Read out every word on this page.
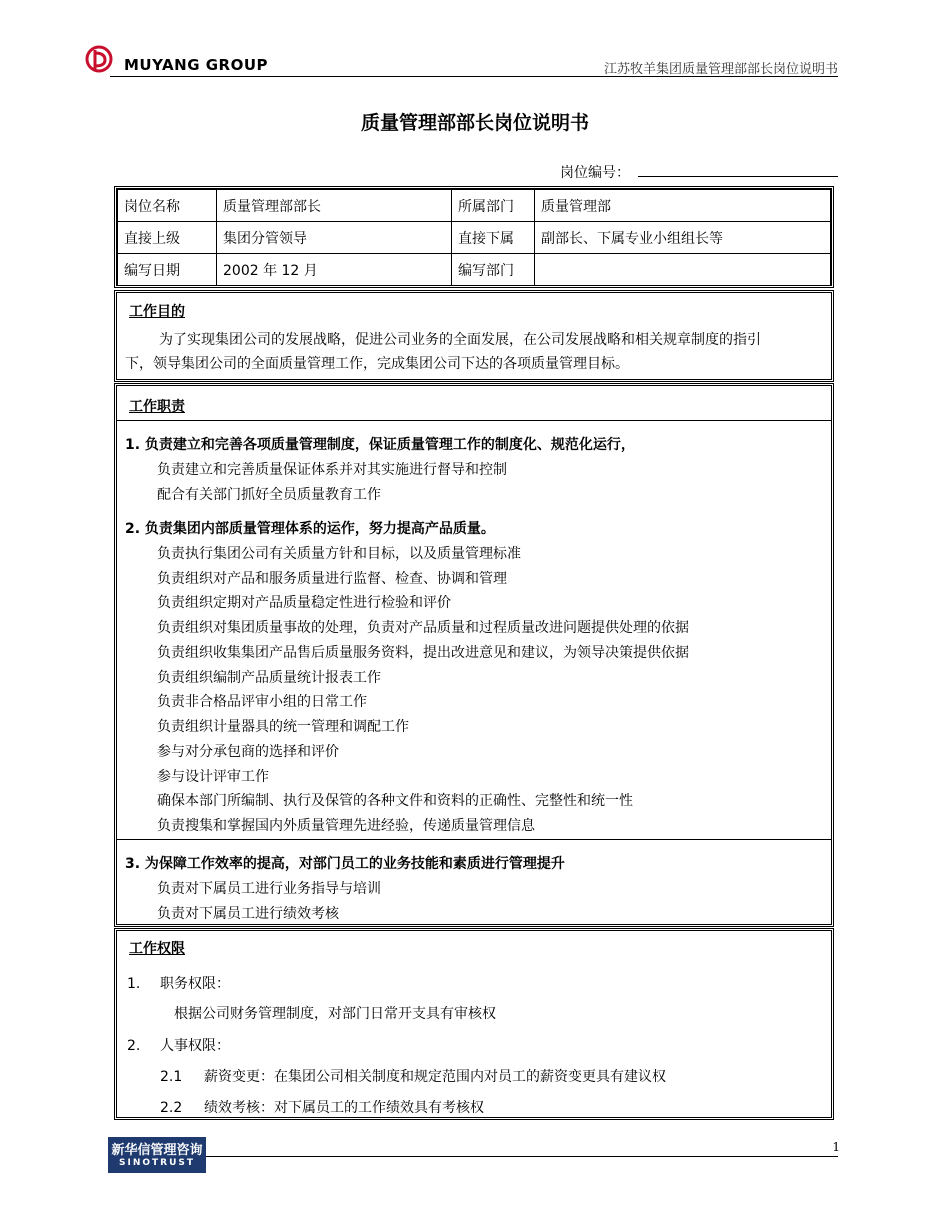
MUYANG GROUP	江苏牧羊集团质量管理部部长岗位说明书
质量管理部部长岗位说明书
岗位编号：
岗位名称	质量管理部部长	所属部门	质量管理部
直接上级	集团分管领导	直接下属	副部长、下属专业小组组长等
编写日期	2002 年 12 月	编写部门	
工作目的
为了实现集团公司的发展战略，促进公司业务的全面发展，在公司发展战略和相关规章制度的指引
下，领导集团公司的全面质量管理工作，完成集团公司下达的各项质量管理目标。
工作职责
1. 负责建立和完善各项质量管理制度，保证质量管理工作的制度化、规范化运行，
负责建立和完善质量保证体系并对其实施进行督导和控制
配合有关部门抓好全员质量教育工作
2. 负责集团内部质量管理体系的运作，努力提高产品质量。
负责执行集团公司有关质量方针和目标，以及质量管理标准
负责组织对产品和服务质量进行监督、检查、协调和管理
负责组织定期对产品质量稳定性进行检验和评价
负责组织对集团质量事故的处理，负责对产品质量和过程质量改进问题提供处理的依据
负责组织收集集团产品售后质量服务资料，提出改进意见和建议，为领导决策提供依据
负责组织编制产品质量统计报表工作
负责非合格品评审小组的日常工作
负责组织计量器具的统一管理和调配工作
参与对分承包商的选择和评价
参与设计评审工作
确保本部门所编制、执行及保管的各种文件和资料的正确性、完整性和统一性
负责搜集和掌握国内外质量管理先进经验，传递质量管理信息
3. 为保障工作效率的提高，对部门员工的业务技能和素质进行管理提升
负责对下属员工进行业务指导与培训
负责对下属员工进行绩效考核
工作权限
1. 职务权限：
根据公司财务管理制度，对部门日常开支具有审核权
2. 人事权限：
2.1 薪资变更：在集团公司相关制度和规定范围内对员工的薪资变更具有建议权
2.2 绩效考核：对下属员工的工作绩效具有考核权
新华信管理咨询
SINOTRUST
1
